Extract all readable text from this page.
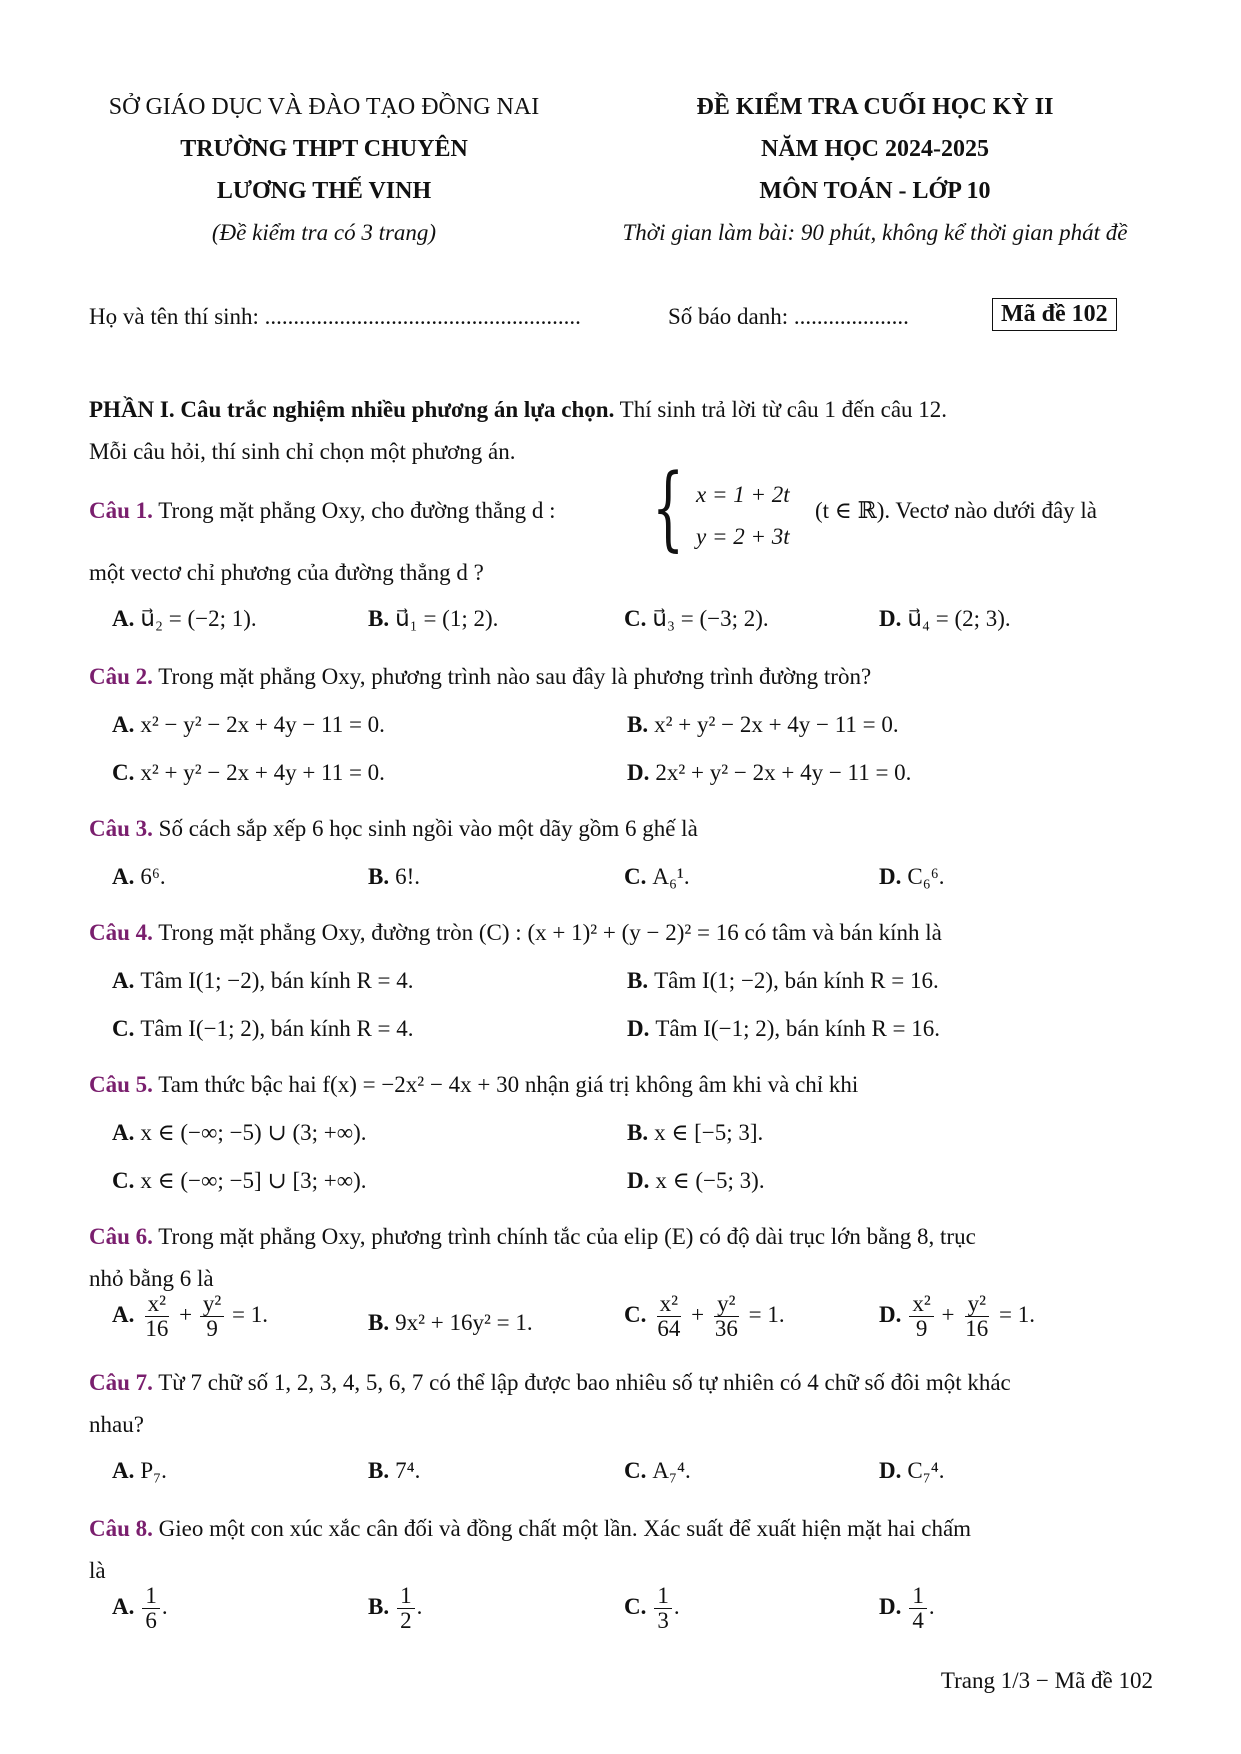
SỞ GIÁO DỤC VÀ ĐÀO TẠO ĐỒNG NAI
TRƯỜNG THPT CHUYÊN
LƯƠNG THẾ VINH
(Đề kiểm tra có 3 trang)
ĐỀ KIỂM TRA CUỐI HỌC KỲ II
NĂM HỌC 2024-2025
MÔN TOÁN - LỚP 10
Thời gian làm bài: 90 phút, không kể thời gian phát đề
Họ và tên thí sinh: .......................................................	Số báo danh: ....................	Mã đề 102
PHẦN I. Câu trắc nghiệm nhiều phương án lựa chọn. Thí sinh trả lời từ câu 1 đến câu 12.
Mỗi câu hỏi, thí sinh chỉ chọn một phương án.
Câu 1. Trong mặt phẳng Oxy, cho đường thẳng d : { x = 1 + 2t
y = 2 + 3t
(t ∈ ℝ). Vectơ nào dưới đây là
một vectơ chỉ phương của đường thẳng d ?
A. u⃗₂ = (−2; 1).	B. u⃗₁ = (1; 2).	C. u⃗₃ = (−3; 2).	D. u⃗₄ = (2; 3).
Câu 2. Trong mặt phẳng Oxy, phương trình nào sau đây là phương trình đường tròn?
A. x² − y² − 2x + 4y − 11 = 0.	B. x² + y² − 2x + 4y − 11 = 0.
C. x² + y² − 2x + 4y + 11 = 0.	D. 2x² + y² − 2x + 4y − 11 = 0.
Câu 3. Số cách sắp xếp 6 học sinh ngồi vào một dãy gồm 6 ghế là
A. 6⁶.	B. 6!.	C. A₆¹.	D. C₆⁶.
Câu 4. Trong mặt phẳng Oxy, đường tròn (C) : (x + 1)² + (y − 2)² = 16 có tâm và bán kính là
A. Tâm I(1; −2), bán kính R = 4.	B. Tâm I(1; −2), bán kính R = 16.
C. Tâm I(−1; 2), bán kính R = 4.	D. Tâm I(−1; 2), bán kính R = 16.
Câu 5. Tam thức bậc hai f(x) = −2x² − 4x + 30 nhận giá trị không âm khi và chỉ khi
A. x ∈ (−∞; −5) ∪ (3; +∞).	B. x ∈ [−5; 3].
C. x ∈ (−∞; −5] ∪ [3; +∞).	D. x ∈ (−5; 3).
Câu 6. Trong mặt phẳng Oxy, phương trình chính tắc của elip (E) có độ dài trục lớn bằng 8, trục
nhỏ bằng 6 là
A. $\frac{\text{x²}}{16} + \frac{\text{y²}}{9} = 1$.	B. 9x² + 16y² = 1.	C. $\frac{\text{x²}}{64} + \frac{\text{y²}}{36} = 1$.	D. $\frac{\text{x²}}{9} + \frac{\text{y²}}{16} = 1$.
Câu 7. Từ 7 chữ số 1, 2, 3, 4, 5, 6, 7 có thể lập được bao nhiêu số tự nhiên có 4 chữ số đôi một khác
nhau?
A. P₇.	B. 7⁴.	C. A₇⁴.	D. C₇⁴.
Câu 8. Gieo một con xúc xắc cân đối và đồng chất một lần. Xác suất để xuất hiện mặt hai chấm
là
A. $\frac{1}{6}$ .	B. $\frac{1}{2}$ .	C. $\frac{1}{3}$ .	D. $\frac{1}{4}$ .
Trang 1/3 − Mã đề 102
